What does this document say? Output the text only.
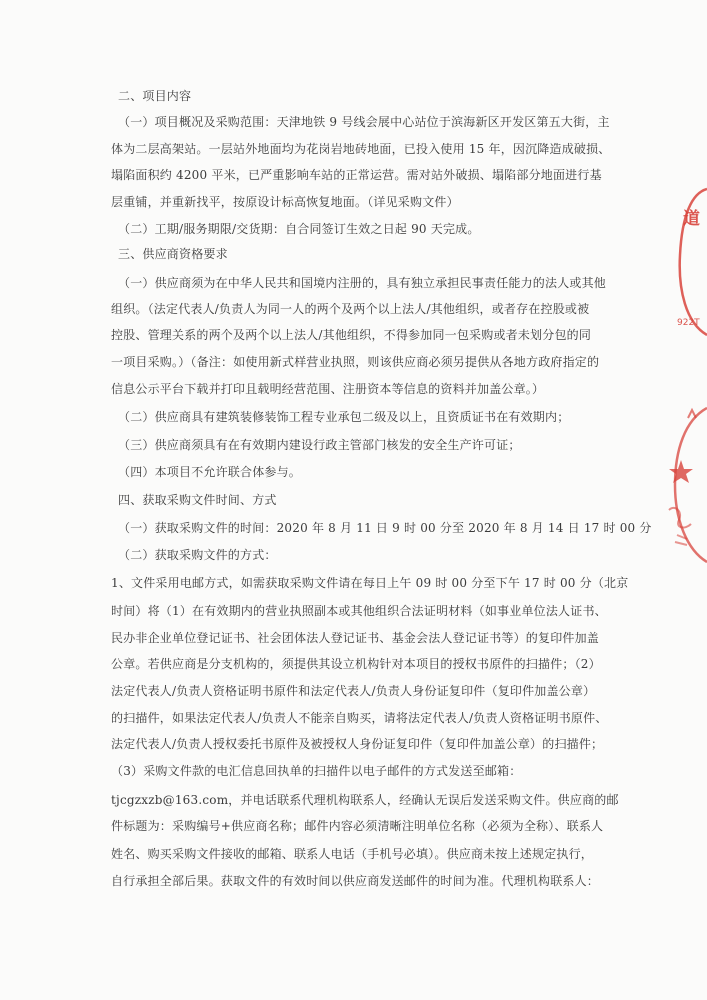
二、项目内容
（一）项目概况及采购范围：天津地铁 9 号线会展中心站位于滨海新区开发区第五大街，主
体为二层高架站。一层站外地面均为花岗岩地砖地面，已投入使用 15 年，因沉降造成破损、
塌陷面积约 4200 平米，已严重影响车站的正常运营。需对站外破损、塌陷部分地面进行基
层重铺，并重新找平，按原设计标高恢复地面。（详见采购文件）
（二）工期/服务期限/交货期：自合同签订生效之日起 90 天完成。
三、供应商资格要求
（一）供应商须为在中华人民共和国境内注册的，具有独立承担民事责任能力的法人或其他
组织。（法定代表人/负责人为同一人的两个及两个以上法人/其他组织，或者存在控股或被
控股、管理关系的两个及两个以上法人/其他组织，不得参加同一包采购或者未划分包的同
一项目采购。）（备注：如使用新式样营业执照，则该供应商必须另提供从各地方政府指定的
信息公示平台下载并打印且载明经营范围、注册资本等信息的资料并加盖公章。）
（二）供应商具有建筑装修装饰工程专业承包二级及以上，且资质证书在有效期内；
（三）供应商须具有在有效期内建设行政主管部门核发的安全生产许可证；
（四）本项目不允许联合体参与。
四、获取采购文件时间、方式
（一）获取采购文件的时间：2020 年 8 月 11 日 9 时 00 分至 2020 年 8 月 14 日 17 时 00 分
（二）获取采购文件的方式：
1、文件采用电邮方式，如需获取采购文件请在每日上午 09 时 00 分至下午 17 时 00 分（北京
时间）将（1）在有效期内的营业执照副本或其他组织合法证明材料（如事业单位法人证书、
民办非企业单位登记证书、社会团体法人登记证书、基金会法人登记证书等）的复印件加盖
公章。若供应商是分支机构的，须提供其设立机构针对本项目的授权书原件的扫描件；（2）
法定代表人/负责人资格证明书原件和法定代表人/负责人身份证复印件（复印件加盖公章）
的扫描件，如果法定代表人/负责人不能亲自购买，请将法定代表人/负责人资格证明书原件、
法定代表人/负责人授权委托书原件及被授权人身份证复印件（复印件加盖公章）的扫描件；
（3）采购文件款的电汇信息回执单的扫描件以电子邮件的方式发送至邮箱：
tjcgzxzb@163.com，并电话联系代理机构联系人，经确认无误后发送采购文件。供应商的邮
件标题为：采购编号+供应商名称；邮件内容必须清晰注明单位名称（必须为全称）、联系人
姓名、购买采购文件接收的邮箱、联系人电话（手机号必填）。供应商未按上述规定执行，
自行承担全部后果。获取文件的有效时间以供应商发送邮件的时间为准。代理机构联系人：
道
922T
